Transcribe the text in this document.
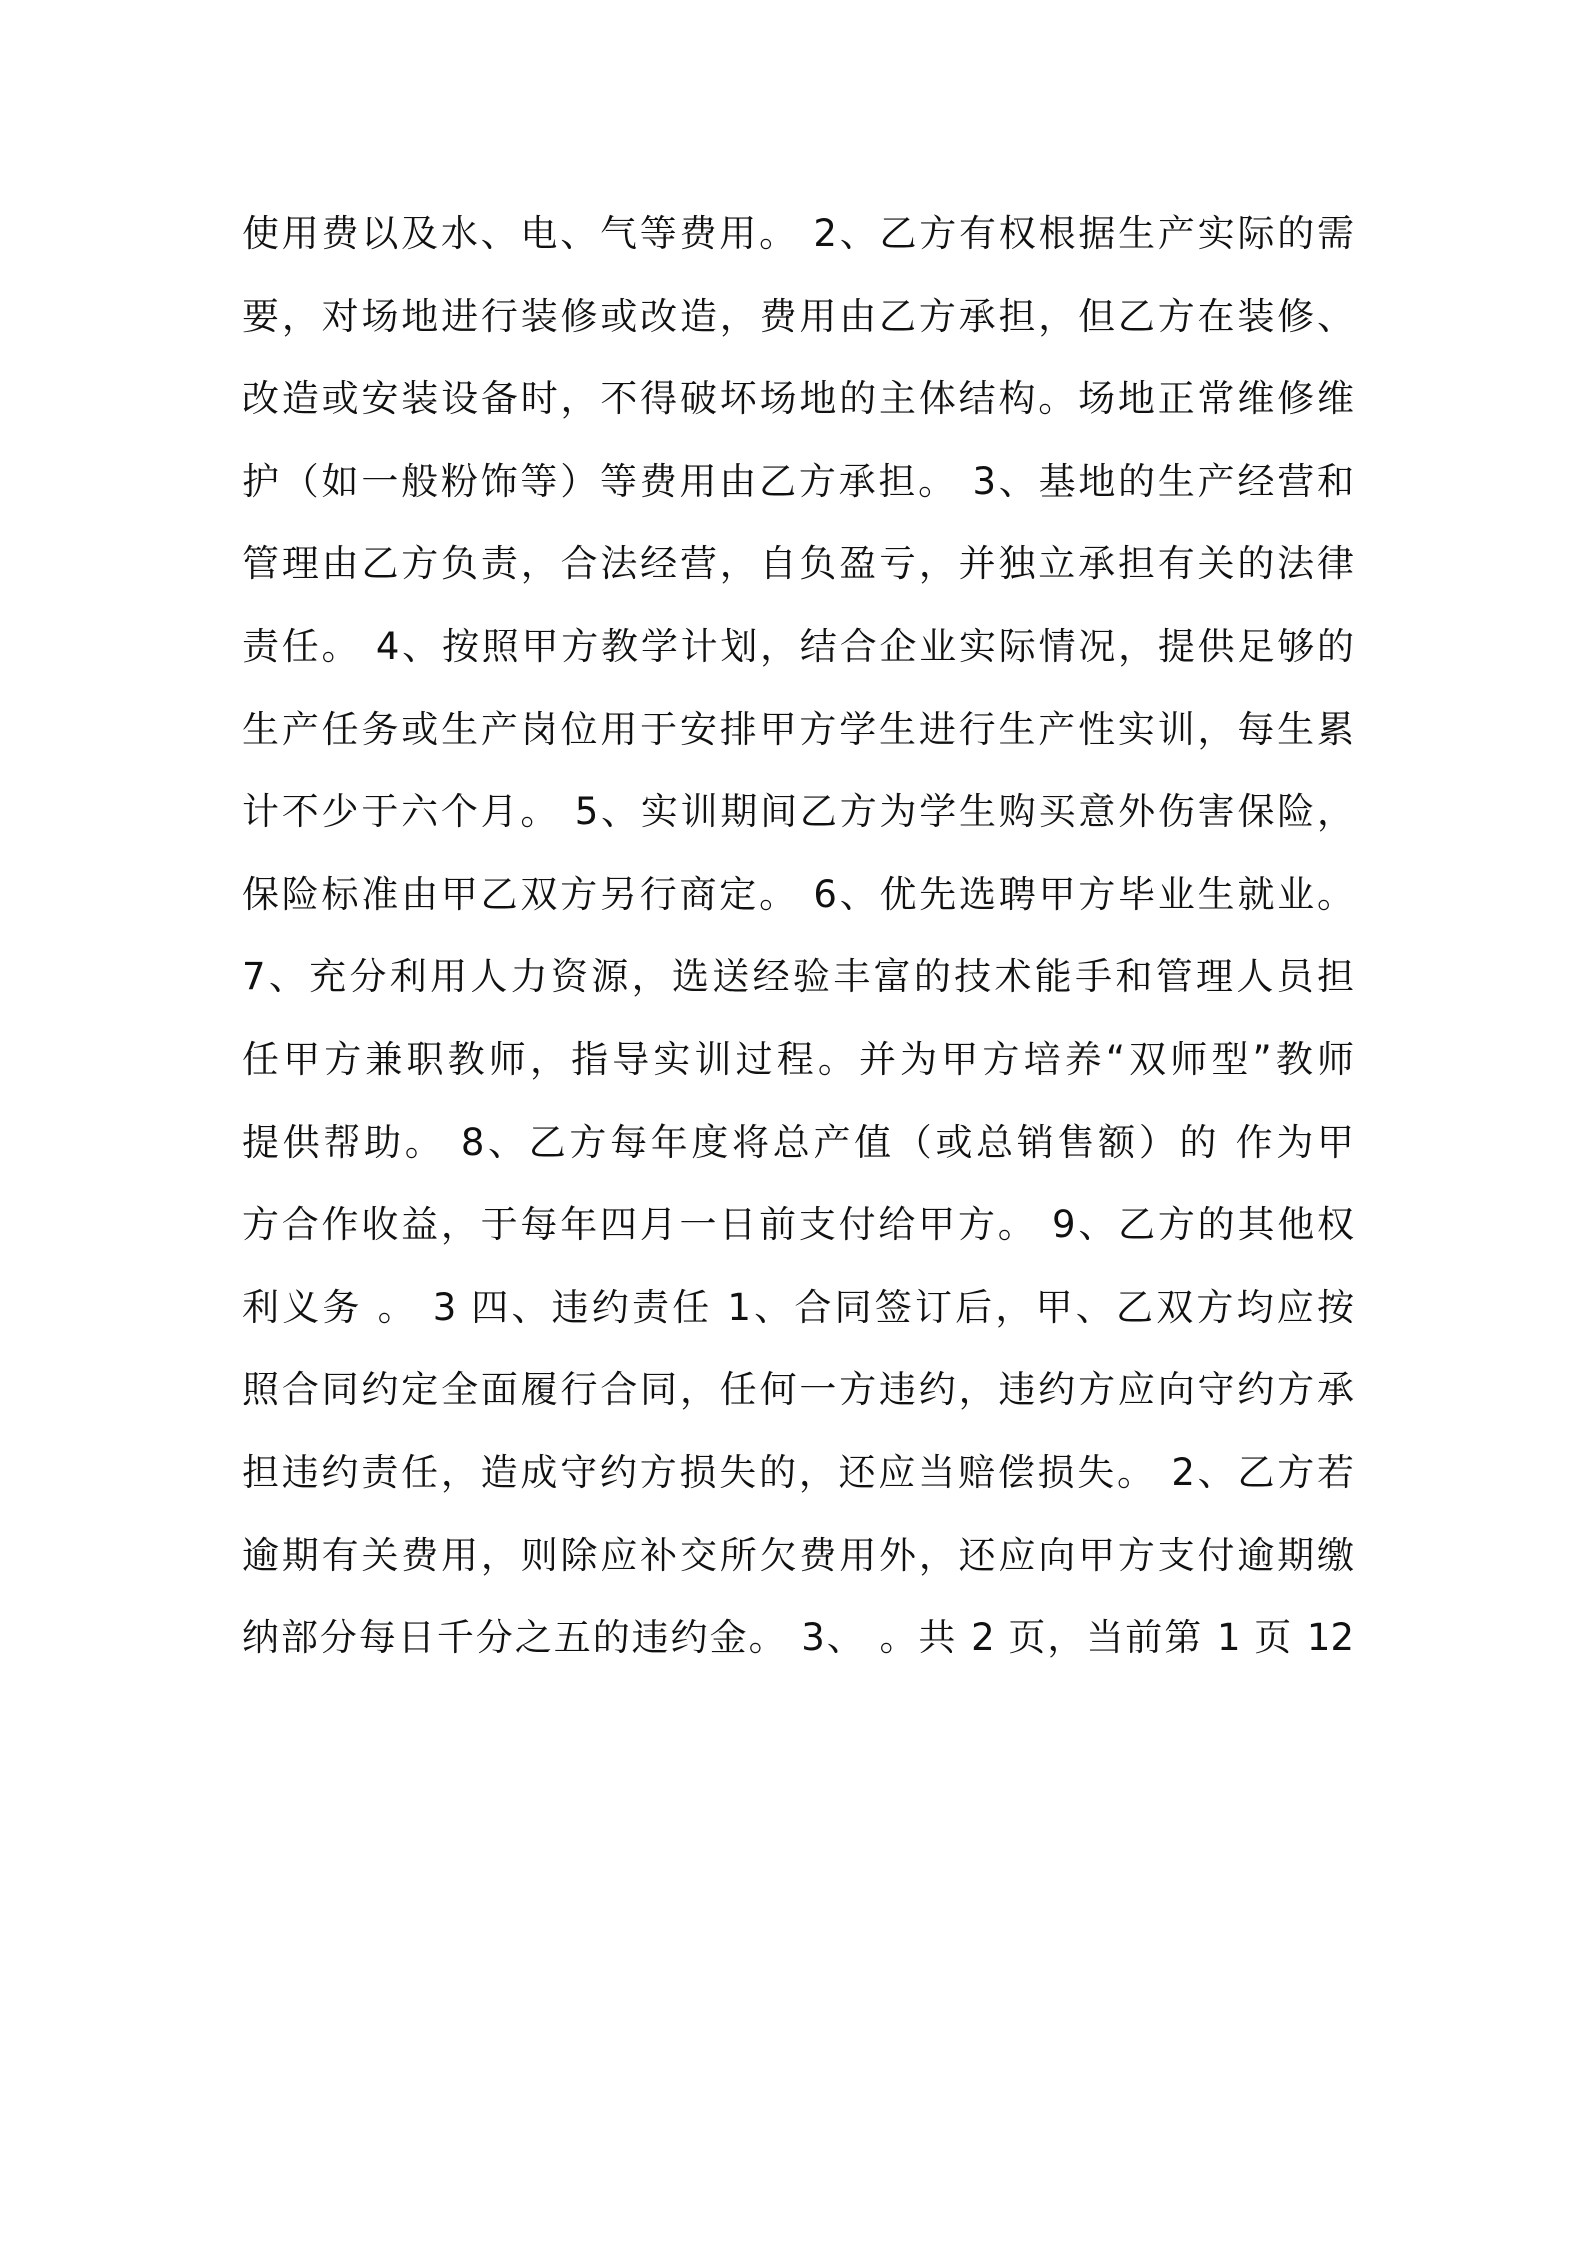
使用费以及水、电、气等费用。 2、乙方有权根据生产实际的需
要，对场地进行装修或改造，费用由乙方承担，但乙方在装修、
改造或安装设备时，不得破坏场地的主体结构。场地正常维修维
护（如一般粉饰等）等费用由乙方承担。 3、基地的生产经营和
管理由乙方负责，合法经营，自负盈亏，并独立承担有关的法律
责任。 4、按照甲方教学计划，结合企业实际情况，提供足够的
生产任务或生产岗位用于安排甲方学生进行生产性实训，每生累
计不少于六个月。 5、实训期间乙方为学生购买意外伤害保险，
保险标准由甲乙双方另行商定。 6、优先选聘甲方毕业生就业。
7、充分利用人力资源，选送经验丰富的技术能手和管理人员担
任甲方兼职教师，指导实训过程。并为甲方培养“双师型”教师
提供帮助。 8、乙方每年度将总产值（或总销售额）的 作为甲
方合作收益，于每年四月一日前支付给甲方。 9、乙方的其他权
利义务 。 3 四、违约责任 1、合同签订后，甲、乙双方均应按
照合同约定全面履行合同，任何一方违约，违约方应向守约方承
担违约责任，造成守约方损失的，还应当赔偿损失。 2、乙方若
逾期有关费用，则除应补交所欠费用外，还应向甲方支付逾期缴
纳部分每日千分之五的违约金。 3、 。共 2 页，当前第 1 页 12
